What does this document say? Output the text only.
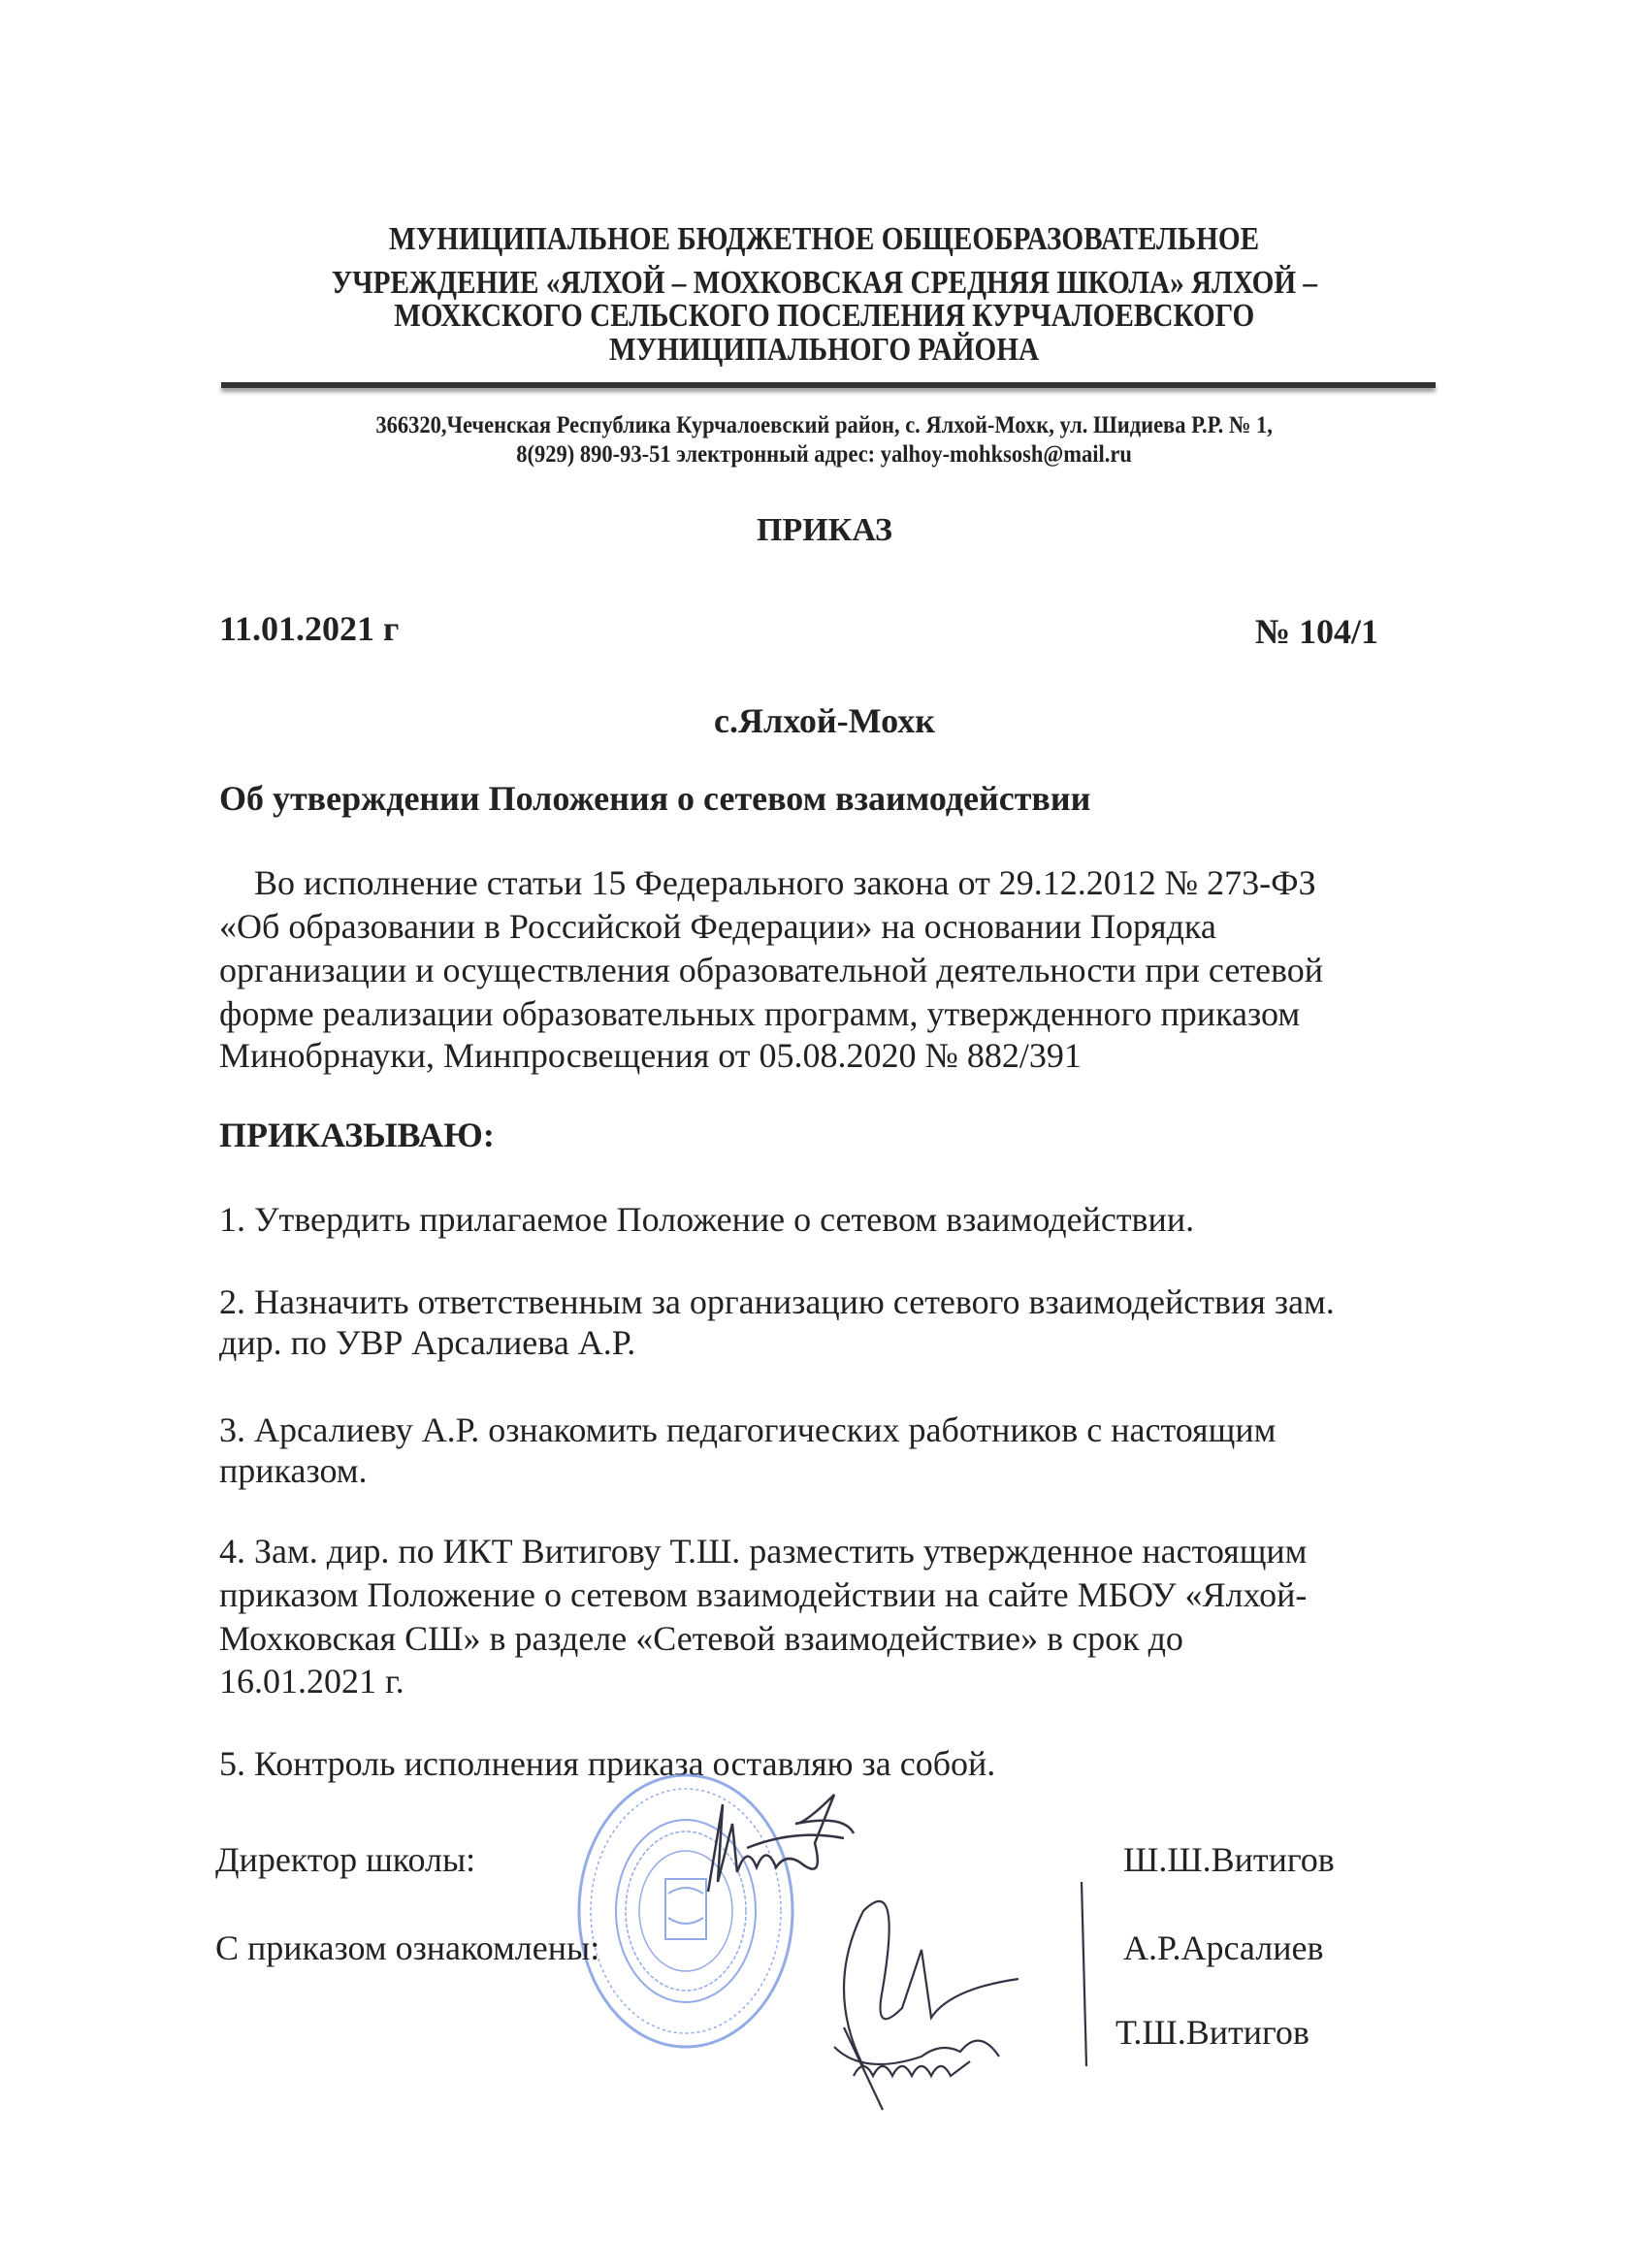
МУНИЦИПАЛЬНОЕ БЮДЖЕТНОЕ ОБЩЕОБРАЗОВАТЕЛЬНОЕ
УЧРЕЖДЕНИЕ «ЯЛХОЙ – МОХКОВСКАЯ СРЕДНЯЯ ШКОЛА» ЯЛХОЙ –
МОХКСКОГО СЕЛЬСКОГО ПОСЕЛЕНИЯ КУРЧАЛОЕВСКОГО
МУНИЦИПАЛЬНОГО РАЙОНА
366320,Чеченская Республика Курчалоевский район, с. Ялхой-Мохк, ул. Шидиева Р.Р. № 1,
8(929) 890-93-51 электронный адрес: yalhoy-mohksosh@mail.ru
ПРИКАЗ
11.01.2021 г	№ 104/1
с.Ялхой-Мохк
Об утверждении Положения о сетевом взаимодействии
Во исполнение статьи 15 Федерального закона от 29.12.2012 № 273-ФЗ
«Об образовании в Российской Федерации» на основании Порядка
организации и осуществления образовательной деятельности при сетевой
форме реализации образовательных программ, утвержденного приказом
Минобрнауки, Минпросвещения от 05.08.2020 № 882/391
ПРИКАЗЫВАЮ:
1. Утвердить прилагаемое Положение о сетевом взаимодействии.
2. Назначить ответственным за организацию сетевого взаимодействия зам.
дир. по УВР Арсалиева А.Р.
3. Арсалиеву А.Р. ознакомить педагогических работников с настоящим
приказом.
4. Зам. дир. по ИКТ Витигову Т.Ш. разместить утвержденное настоящим
приказом Положение о сетевом взаимодействии на сайте МБОУ «Ялхой-
Мохковская СШ» в разделе «Сетевой взаимодействие» в срок до
16.01.2021 г.
5. Контроль исполнения приказа оставляю за собой.
Директор школы:	Ш.Ш.Витигов
С приказом ознакомлены:	А.Р.Арсалиев
Т.Ш.Витигов
